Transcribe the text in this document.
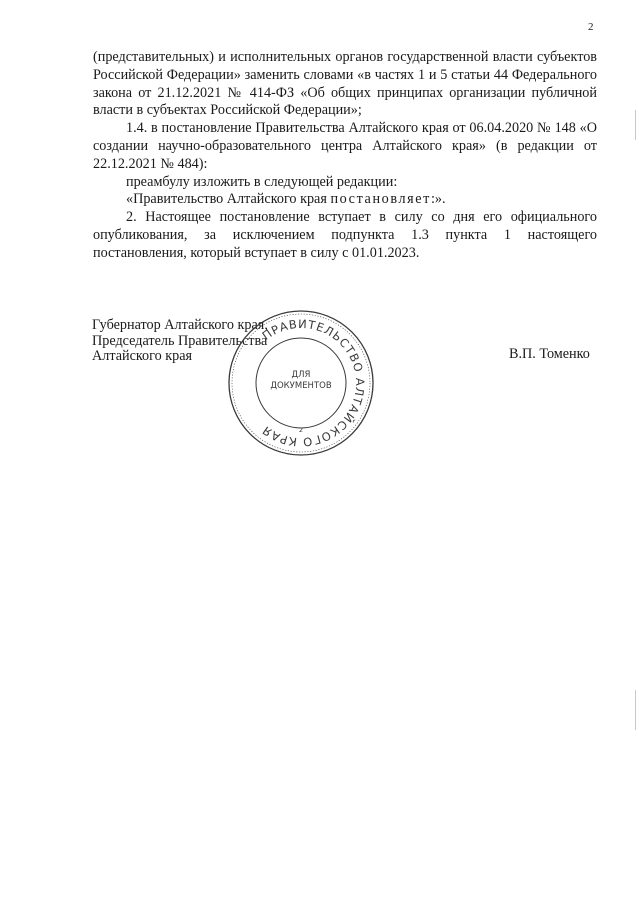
2

(представительных) и исполнительных органов государственной власти субъектов Российской Федерации» заменить словами «в частях 1 и 5 статьи 44 Федерального закона от 21.12.2021 № 414-ФЗ «Об общих принципах организации публичной власти в субъектах Российской Федерации»;

1.4. в постановление Правительства Алтайского края от 06.04.2020 № 148 «О создании научно-образовательного центра Алтайского края» (в редакции от 22.12.2021 № 484):

преамбулу изложить в следующей редакции:

«Правительство Алтайского края постановляет:».

2. Настоящее постановление вступает в силу со дня его официального опубликования, за исключением подпункта 1.3 пункта 1 настоящего постановления, который вступает в силу с 01.01.2023.

Губернатор Алтайского края,
Председатель Правительства
Алтайского края	В.П. Томенко
ПРАВИТЕЛЬСТВО АЛТАЙСКОГО КРАЯ
ДЛЯ
ДОКУМЕНТОВ
2
